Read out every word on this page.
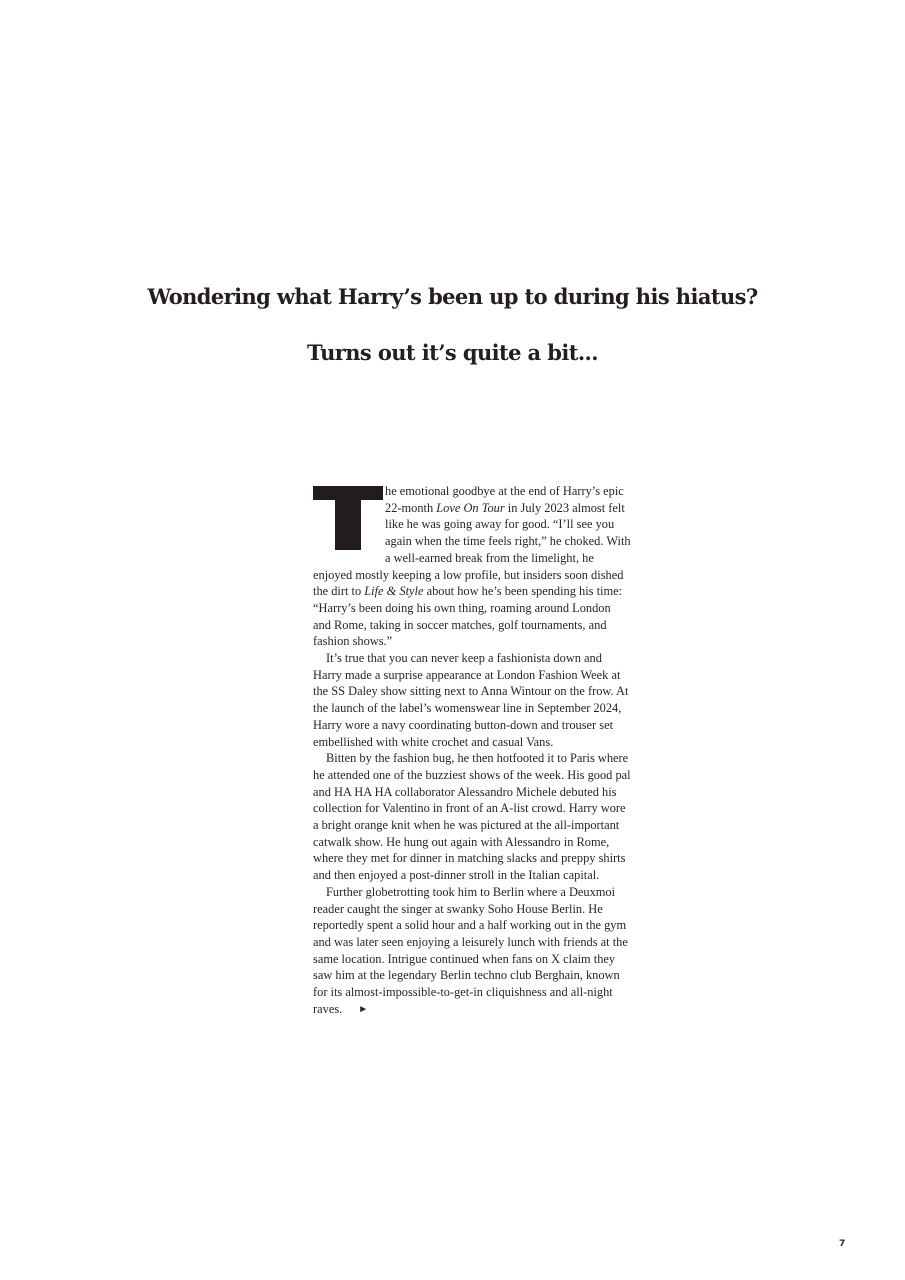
Wondering what Harry’s been up to during his hiatus?
Turns out it’s quite a bit...

he emotional goodbye at the end of Harry’s epic 22-month Love On Tour in July 2023 almost felt like he was going away for good. “I’ll see you again when the time feels right,” he choked. With a well-earned break from the limelight, he enjoyed mostly keeping a low profile, but insiders soon dished the dirt to Life & Style about how he’s been spending his time: “Harry’s been doing his own thing, roaming around London and Rome, taking in soccer matches, golf tournaments, and fashion shows.”

It’s true that you can never keep a fashionista down and Harry made a surprise appearance at London Fashion Week at the SS Daley show sitting next to Anna Wintour on the frow. At the launch of the label’s womenswear line in September 2024, Harry wore a navy coordinating button-down and trouser set embellished with white crochet and casual Vans.

Bitten by the fashion bug, he then hotfooted it to Paris where he attended one of the buzziest shows of the week. His good pal and HA HA HA collaborator Alessandro Michele debuted his collection for Valentino in front of an A-list crowd. Harry wore a bright orange knit when he was pictured at the all-important catwalk show. He hung out again with Alessandro in Rome, where they met for dinner in matching slacks and preppy shirts and then enjoyed a post-dinner stroll in the Italian capital.

Further globetrotting took him to Berlin where a Deuxmoi reader caught the singer at swanky Soho House Berlin. He reportedly spent a solid hour and a half working out in the gym and was later seen enjoying a leisurely lunch with friends at the same location. Intrigue continued when fans on X claim they saw him at the legendary Berlin techno club Berghain, known for its almost-impossible-to-get-in cliquishness and all-night raves. ►

7
